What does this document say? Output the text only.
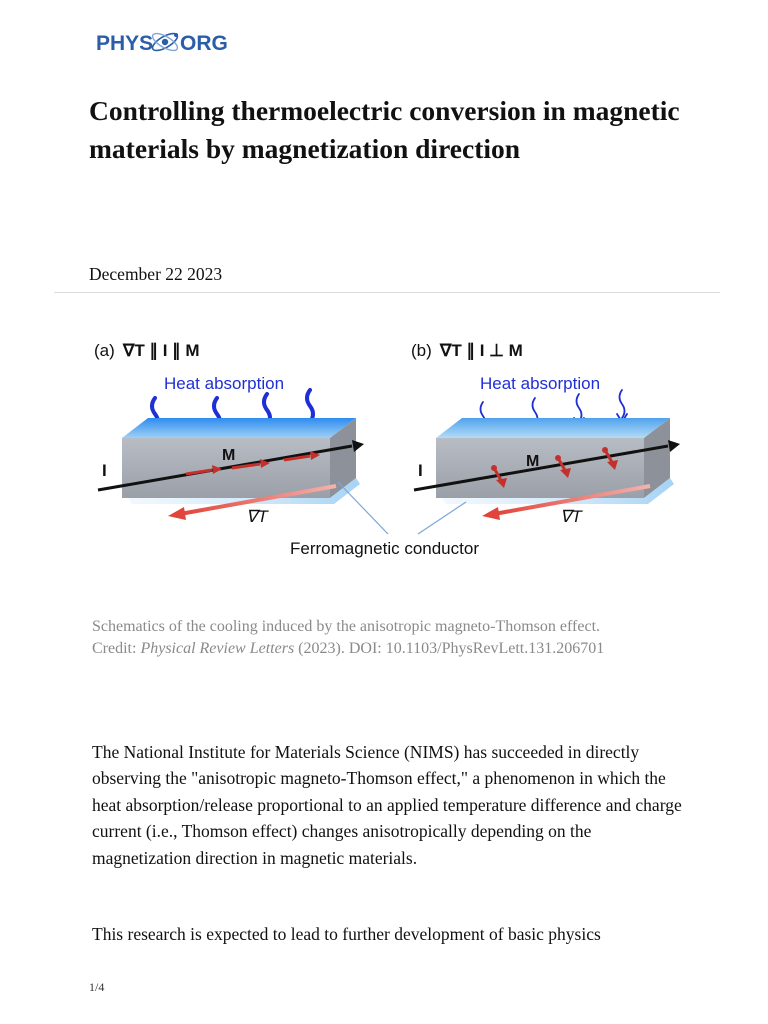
PHYS ORG
Controlling thermoelectric conversion in magnetic materials by magnetization direction
December 22 2023
(a) ∇T ∥ I ∥ M
Heat absorption
I
M
∇T
(b) ∇T ∥ I ⊥ M
Heat absorption
I	M
∇T
Ferromagnetic conductor
Schematics of the cooling induced by the anisotropic magneto-Thomson effect.
Credit: Physical Review Letters (2023). DOI: 10.1103/PhysRevLett.131.206701

The National Institute for Materials Science (NIMS) has succeeded in directly observing the "anisotropic magneto-Thomson effect," a phenomenon in which the heat absorption/release proportional to an applied temperature difference and charge current (i.e., Thomson effect) changes anisotropically depending on the magnetization direction in magnetic materials.

This research is expected to lead to further development of basic physics

1/4
